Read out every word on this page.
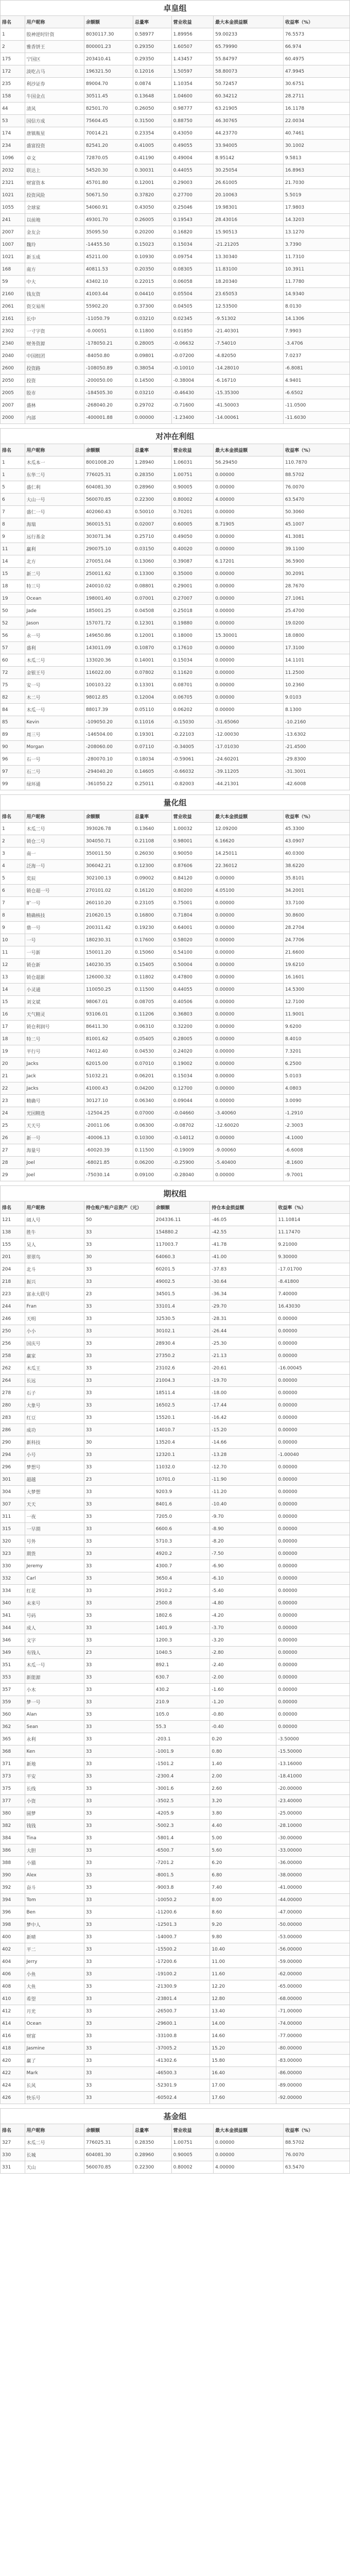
卓皇组
排名	用户昵称	余额额	总量率	营业收益	最大本金损益额	收益率（%）
1	股神逆时针资	8030117.30	0.58977	1.89956	59.00233	76.5573
2	雅香饼王	800001.23	0.29350	1.60507	65.79990	66.974
175	宁国区	203410.41	0.29350	1.43457	55.84797	60.4975
172	淡吃占马	196321.50	0.12016	1.50597	58.80073	47.9945
235	利沙证券	89004.70	0.0874	1.10354	50.72457	30.6751
158	牛国金点	30511.45	0.13648	1.04600	60.34212	28.2711
44	清风	82501.70	0.26050	0.98777	63.21905	16.1178
53	国信方成	75604.45	0.31500	0.88750	46.30765	22.0034
174	唐镇瓶星	70014.21	0.23354	0.43050	44.23770	40.7461
234	盛富投资	82541.20	0.41005	0.49055	33.94005	30.1002
1096	卓文	72870.05	0.41190	0.49004	8.95142	9.5813
2032	联达上	54520.30	0.30031	0.44055	30.25054	16.8963
2321	财富资本	45701.80	0.12001	0.29003	26.61005	21.7030
1021	投资风险	50671.50	0.37820	0.27700	20.10063	5.5019
1055	全球家	54060.91	0.43050	0.25046	19.98301	17.9803
241	以前地	49301.70	0.26005	0.19543	28.43016	14.3203
2007	金友会	35095.50	0.20200	0.16820	15.90513	13.1270
1007	魏玲	-14455.50	0.15023	0.15034	-21.21205	3.7390
1021	新玉成	45211.00	0.10930	0.09754	13.30340	11.7310
168	南方	40811.53	0.20350	0.08305	11.83100	10.3911
59	中大	43402.10	0.22015	0.06058	18.20340	11.7780
2160	钱友资	41003.44	0.04410	0.05504	23.65053	14.9340
2061	资交易所	55902.20	0.37300	0.04505	12.53500	8.0130
2161	长中	-11050.79	0.03210	0.02345	-9.51302	14.1306
2302	一寸字资	-0.00051	0.11800	0.01850	-21.40301	7.9903
2340	财务资源	-178050.21	0.28005	-0.06632	-7.54010	-3.4706
2040	中国组团	-84050.80	0.09801	-0.07200	-4.82050	7.0237
2600	投资路	-108050.89	0.38054	-0.10010	-14.28010	-6.8081
2050	投资	-200050.00	0.14500	-0.38004	-6.16710	4.9401
2005	股市	-184505.30	0.03210	-0.46430	-15.35300	-6.6502
2007	盛林	-268040.20	0.29702	-0.71600	-41.50003	-11.0500
2000	内部	-400001.88	0.00000	-1.23400	-14.00061	-11.6030
对冲在利组
排名	用户昵称	余额额	总量率	营业收益	最大本金损益额	收益率（%）
1	木瓜本一	8001008.20	1.28940	1.06031	56.29450	110.7870
1	东华二号	776025.31	0.28350	1.00751	0.00000	88.5702
5	盛仁利	604081.30	0.28960	0.90005	0.00000	76.0070
6	大山一号	560070.85	0.22300	0.80002	4.00000	63.5470
7	盛仁一号	402060.43	0.50010	0.70201	0.00000	50.3060
8	海瑞	360015.51	0.02007	0.60005	8.71905	45.1007
9	远行基金	303071.34	0.25710	0.49050	0.00000	41.3081
11	赢利	290075.10	0.03150	0.40020	0.00000	39.1100
14	北方	270051.04	0.13060	0.39087	6.17201	36.5900
15	新二号	250011.62	0.13300	0.35000	0.00000	30.2091
18	特三号	240010.02	0.08801	0.29001	0.00000	28.7670
19	Ocean	198001.40	0.07001	0.27007	0.00000	27.1061
50	Jade	185001.25	0.04508	0.25018	0.00000	25.4700
52	Jason	157071.72	0.12301	0.19880	0.00000	19.0200
56	永一号	149650.86	0.12001	0.18000	15.30001	18.0800
57	盛利	143011.09	0.10870	0.17610	0.00000	17.3100
60	木瓜二号	133020.36	0.14001	0.15034	0.00000	14.1101
72	金银王号	116022.00	0.07802	0.11620	0.00000	11.2500
75	安一号	100103.22	0.13301	0.08701	0.00000	10.2360
82	木二号	98012.85	0.12004	0.06705	0.00000	9.0103
84	木瓜一号	88017.39	0.05110	0.06202	0.00000	8.1300
85	Kevin	-109050.20	0.11016	-0.15030	-31.65060	-10.2160
89	周三号	-146504.00	0.19301	-0.22103	-12.00030	-13.6302
90	Morgan	-208060.00	0.07110	-0.34005	-17.01030	-21.4500
96	石一号	-280070.10	0.18034	-0.59061	-24.60201	-29.8300
97	石二号	-294040.20	0.14605	-0.66032	-39.11205	-31.3001
99	绿环通	-361050.22	0.25011	-0.82003	-44.21301	-42.6008
量化组
排名	用户昵称	余额额	总量率	营业收益	最大本金损益额	收益率（%）
1	木瓜二号	393026.78	0.13640	1.00032	12.09200	45.3300
2	锁仓二号	304050.71	0.21108	0.98001	6.16620	43.0907
3	南一	350011.50	0.26030	0.90050	14.25011	40.0300
4	泛海一号	306042.21	0.12300	0.87606	22.36012	38.6220
5	奕辰	302100.13	0.09002	0.84120	0.00000	35.8101
6	锁仓超一号	270101.02	0.16120	0.80200	4.05100	34.2001
7	旷一号	260110.20	0.23105	0.75001	0.00000	33.7100
8	精确核技	210620.15	0.16800	0.71804	0.00000	30.8600
9	鼎一号	200311.42	0.19230	0.64001	0.00000	28.2704
10	一号	180230.31	0.17600	0.58020	0.00000	24.7706
11	一号新	150011.20	0.15060	0.54100	0.00000	21.6600
12	锁仓新	140230.35	0.15405	0.50004	0.00000	19.6210
13	锁仓超新	126000.32	0.11802	0.47800	0.00000	16.1601
14	小灵通	110050.25	0.11500	0.44055	0.00000	14.5300
15	刘文斌	98067.01	0.08705	0.40506	0.00000	12.7100
16	天气精灵	93106.01	0.11206	0.36803	0.00000	11.9001
17	锁仓利润号	86411.30	0.06310	0.32200	0.00000	9.6200
18	特二号	81001.62	0.05405	0.28005	0.00000	8.4010
19	平行号	74012.40	0.04530	0.24020	0.00000	7.3201
20	Jacks	62015.00	0.07010	0.19002	0.00000	6.2500
21	Jack	51032.21	0.06201	0.15034	0.00000	5.0103
22	Jacks	41000.43	0.04200	0.12700	0.00000	4.0803
23	精确号	30127.10	0.06340	0.09044	0.00000	3.0090
24	光园精选	-12504.25	0.07000	-0.04660	-3.40060	-1.2910
25	天天号	-20011.06	0.06300	-0.08702	-12.60020	-2.3003
26	新一号	-40006.13	0.10300	-0.14012	0.00000	-4.1000
27	海量号	-60020.39	0.11500	-0.19009	-9.00060	-6.6008
28	Joel	-68021.85	0.06200	-0.25900	-5.40400	-8.1600
29	Joel	-75030.14	0.09100	-0.28040	0.00000	-9.7001
期权组
排名	用户昵称	持仓账户账户总资产（元）	余额额	持仓本金损益额	收益率（%）	
121	阔人号	50	204336.11	-46.05	11.10814	
138	胜牛	33	154880.2	-42.55	11.17470	
155	吴人	33	117003.7	-41.78	9.21000	
201	翠翠鸟	30	64060.3	-41.00	9.30000	
204	北斗	33	60201.5	-37.83	-17.01700	
218	振兴	33	49002.5	-30.64	-8.41800	
223	富永大联号	23	34501.5	-36.34	7.40000	
244	Fran	33	33101.4	-29.70	16.43030	
246	天明	33	32530.5	-28.31	0.00000	
250	小小	33	30102.1	-26.44	0.00000	
256	国庆号	33	28930.4	-25.30	0.00000	
258	赢家	33	27350.2	-21.13	0.00000	
262	木瓜王	33	23102.6	-20.61	-16.00045	
264	长远	33	21004.3	-19.70	0.00000	
278	石子	33	18511.4	-18.00	0.00000	
280	大象号	33	16502.5	-17.44	0.00000	
283	红豆	33	15520.1	-16.42	0.00000	
286	成功	33	14010.7	-15.20	0.00000	
290	新科技	30	13520.4	-14.66	0.00000	
294	小号	33	12320.1	-13.28	-1.00040	
296	梦想号	33	11032.0	-12.70	0.00000	
301	超越	23	10701.0	-11.90	0.00000	
304	大梦想	33	9203.9	-11.20	0.00000	
307	天天	33	8401.6	-10.40	0.00000	
311	一夜	33	7205.0	-9.70	0.00000	
315	一早期	33	6600.6	-8.90	0.00000	
320	号外	33	5710.3	-8.20	0.00000	
323	期货	33	4920.2	-7.50	0.00000	
330	Jeremy	33	4300.7	-6.90	0.00000	
332	Carl	33	3650.4	-6.10	0.00000	
334	红花	33	2910.2	-5.40	0.00000	
340	未来号	33	2500.8	-4.80	0.00000	
341	号码	33	1802.6	-4.20	0.00000	
344	成人	33	1401.9	-3.70	0.00000	
346	文字	33	1200.3	-3.20	0.00000	
349	有钱人	23	1040.5	-2.80	0.00000	
351	木瓜一号	33	892.1	-2.40	0.00000	
353	新能源	33	630.7	-2.00	0.00000	
357	小木	33	430.2	-1.60	0.00000	
359	梦一号	33	210.9	-1.20	0.00000	
360	Alan	33	105.0	-0.80	0.00000	
362	Sean	33	55.3	-0.40	0.00000	
365	永利	33	-203.1	0.20	-3.50000	
368	Ken	33	-1001.9	0.80	-15.50000	
371	新地	33	-1501.2	1.40	-13.16000	
373	平安	33	-2300.4	2.00	-18.41000	
375	长线	33	-3001.6	2.60	-20.00000	
377	小资	33	-3502.5	3.20	-23.40000	
380	圆梦	33	-4205.9	3.80	-25.00000	
382	钱钱	33	-5002.3	4.40	-28.10000	
384	Tina	33	-5801.4	5.00	-30.00000	
386	大胆	33	-6500.7	5.60	-33.00000	
388	小猫	33	-7201.2	6.20	-36.00000	
390	Alex	33	-8001.5	6.80	-38.00000	
392	奋斗	33	-9003.8	7.40	-41.00000	
394	Tom	33	-10050.2	8.00	-44.00000	
396	Ben	33	-11200.6	8.60	-47.00000	
398	梦中人	33	-12501.3	9.20	-50.00000	
400	新晴	33	-14000.7	9.80	-53.00000	
402	平二	33	-15500.2	10.40	-56.00000	
404	Jerry	33	-17200.6	11.00	-59.00000	
406	小鱼	33	-19100.2	11.60	-62.00000	
408	大鱼	33	-21300.9	12.20	-65.00000	
410	希望	33	-23801.4	12.80	-68.00000	
412	月光	33	-26500.7	13.40	-71.00000	
414	Ocean	33	-29600.1	14.00	-74.00000	
416	财富	33	-33100.8	14.60	-77.00000	
418	Jasmine	33	-37005.2	15.20	-80.00000	
420	赢了	33	-41302.6	15.80	-83.00000	
422	Mark	33	-46500.3	16.40	-86.00000	
424	长风	33	-52301.9	17.00	-89.00000	
426	快乐号	33	-60502.4	17.60	-92.00000	
基金组
排名	用户昵称	余额额	总量率	营业收益	最大本金损益额	收益率（%）
327	木瓜二号	776025.31	0.28350	1.00751	0.00000	88.5702
330	长城	604081.30	0.28960	0.90005	0.00000	76.0070
331	天山	560070.85	0.22300	0.80002	4.00000	63.5470
